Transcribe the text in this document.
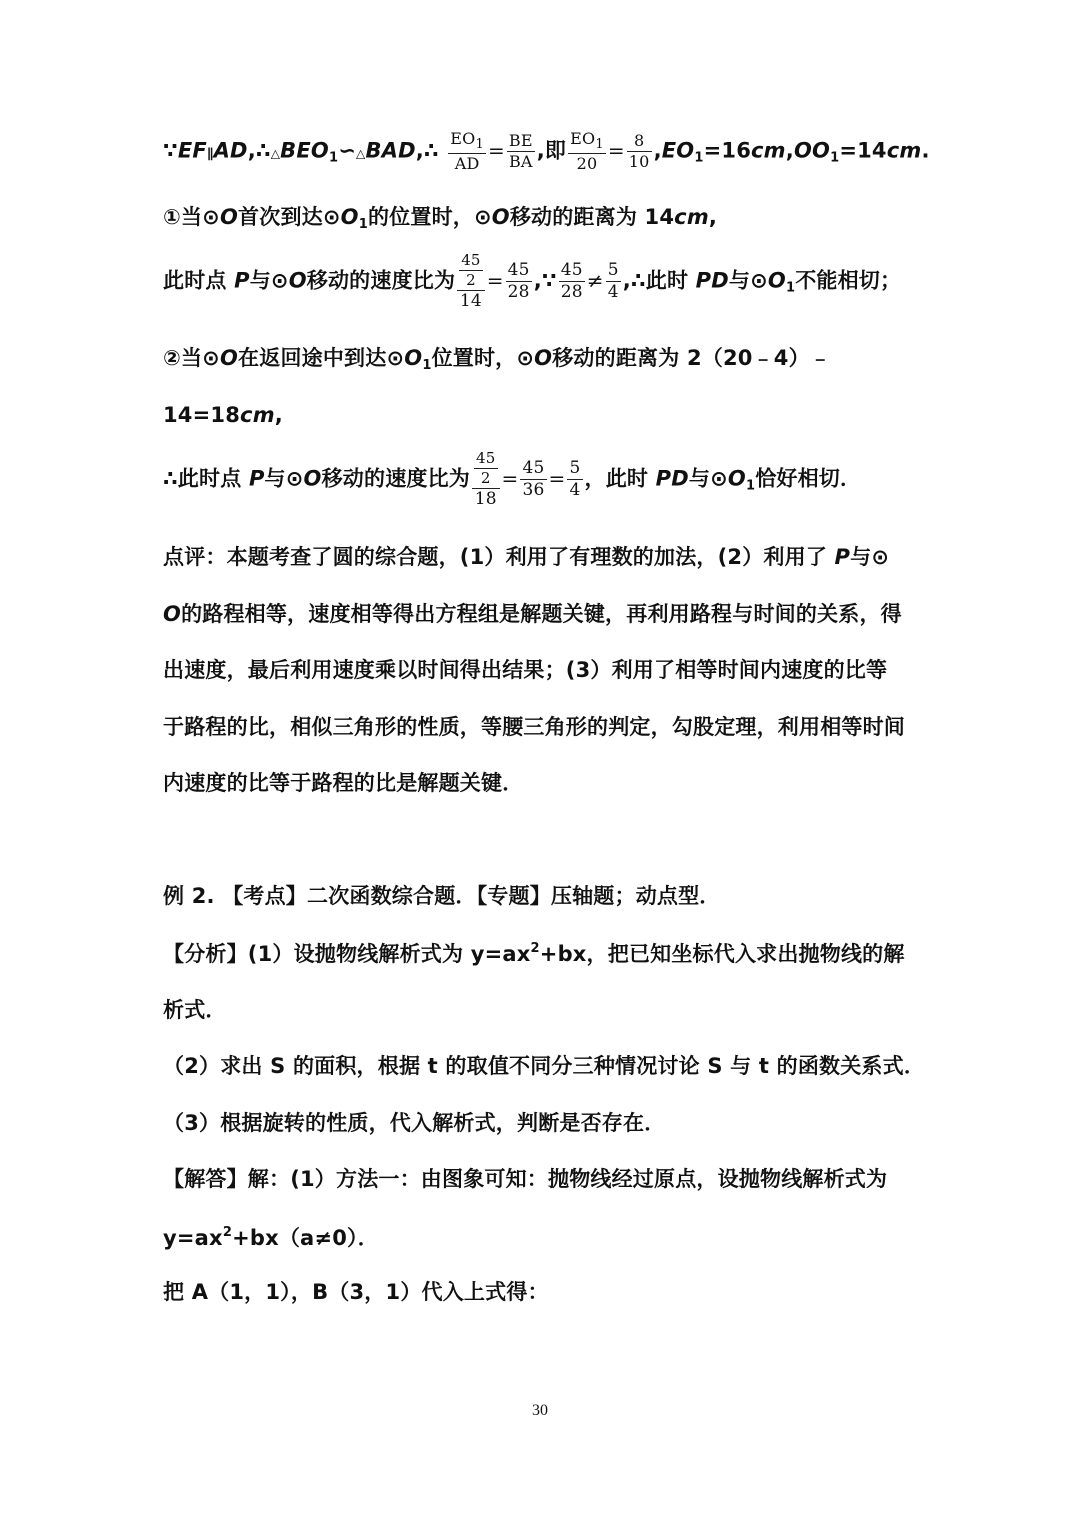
$\because EF\parallel AD,\therefore\triangle BEO_1∽\triangle BAD,\therefore \frac{EO_1}{AD} = \frac{BE}{BA}$ ,即 $\frac{EO_1}{20} = \frac{8}{10} ,EO_1=16cm,OO_1=14cm$.
①当⊙O首次到达$⊙O_1$的位置时，⊙O移动的距离为 14cm,
此时点 P与⊙O移动的速度比为 $\frac{\frac{45}{2}}{14} = \frac{45}{28}$ ,∵ $\frac{45}{28} \ne \frac{5}{4}$ ,∴此时 PD与$⊙O_1$不能相切；
②当⊙O在返回途中到达$⊙O_1$位置时，⊙O移动的距离为 2（20﹣4）﹣
14=18cm,
∴此时点 P与⊙O移动的速度比为 $\frac{\frac{45}{2}}{18} = \frac{45}{36} = \frac{5}{4}$ ，此时 PD与$⊙O_1$恰好相切．
点评：本题考查了圆的综合题，(1）利用了有理数的加法，(2）利用了 P与⊙
O的路程相等，速度相等得出方程组是解题关键，再利用路程与时间的关系，得
出速度，最后利用速度乘以时间得出结果；(3）利用了相等时间内速度的比等
于路程的比，相似三角形的性质，等腰三角形的判定，勾股定理，利用相等时间
内速度的比等于路程的比是解题关键．
例 2. 【考点】二次函数综合题．【专题】压轴题；动点型．
【分析】(1）设抛物线解析式为 $y=ax^2+bx$，把已知坐标代入求出抛物线的解
析式．
（2）求出 S 的面积，根据 t 的取值不同分三种情况讨论 S 与 t 的函数关系式．
（3）根据旋转的性质，代入解析式，判断是否存在．
【解答】解：(1）方法一：由图象可知：抛物线经过原点，设抛物线解析式为
$y=ax^2+bx(a\ne 0)$．
把 A（1，1），B（3，1）代入上式得：
30
